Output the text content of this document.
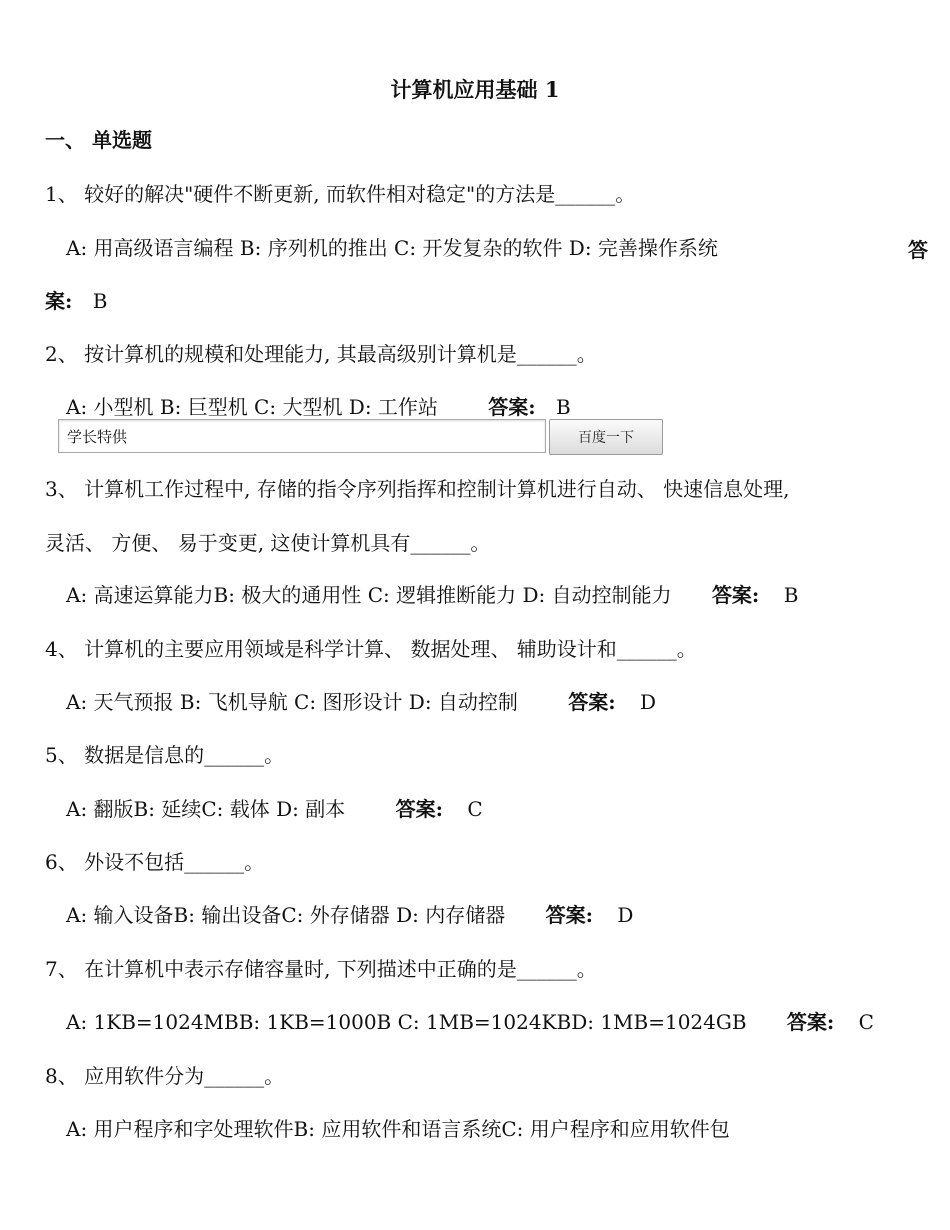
计算机应用基础 1
一、 单选题
1、 较好的解决"硬件不断更新, 而软件相对稳定"的方法是______。
A: 用高级语言编程 B: 序列机的推出 C: 开发复杂的软件 D: 完善操作系统	答
案: B
2、 按计算机的规模和处理能力, 其最高级别计算机是______。
A: 小型机 B: 巨型机 C: 大型机 D: 工作站	答案: B
学长特供	百度一下
3、 计算机工作过程中, 存储的指令序列指挥和控制计算机进行自动、 快速信息处理,
灵活、 方便、 易于变更, 这使计算机具有______。
A: 高速运算能力B: 极大的通用性 C: 逻辑推断能力 D: 自动控制能力 答案: B
4、 计算机的主要应用领域是科学计算、 数据处理、 辅助设计和______。
A: 天气预报 B: 飞机导航 C: 图形设计 D: 自动控制	答案: D
5、 数据是信息的______。
A: 翻版B: 延续C: 载体 D: 副本	答案: C
6、 外设不包括______。
A: 输入设备B: 输出设备C: 外存储器 D: 内存储器 答案: D
7、 在计算机中表示存储容量时, 下列描述中正确的是______。
A: 1KB=1024MBB: 1KB=1000B C: 1MB=1024KBD: 1MB=1024GB 答案: C
8、 应用软件分为______。
A: 用户程序和字处理软件B: 应用软件和语言系统C: 用户程序和应用软件包
